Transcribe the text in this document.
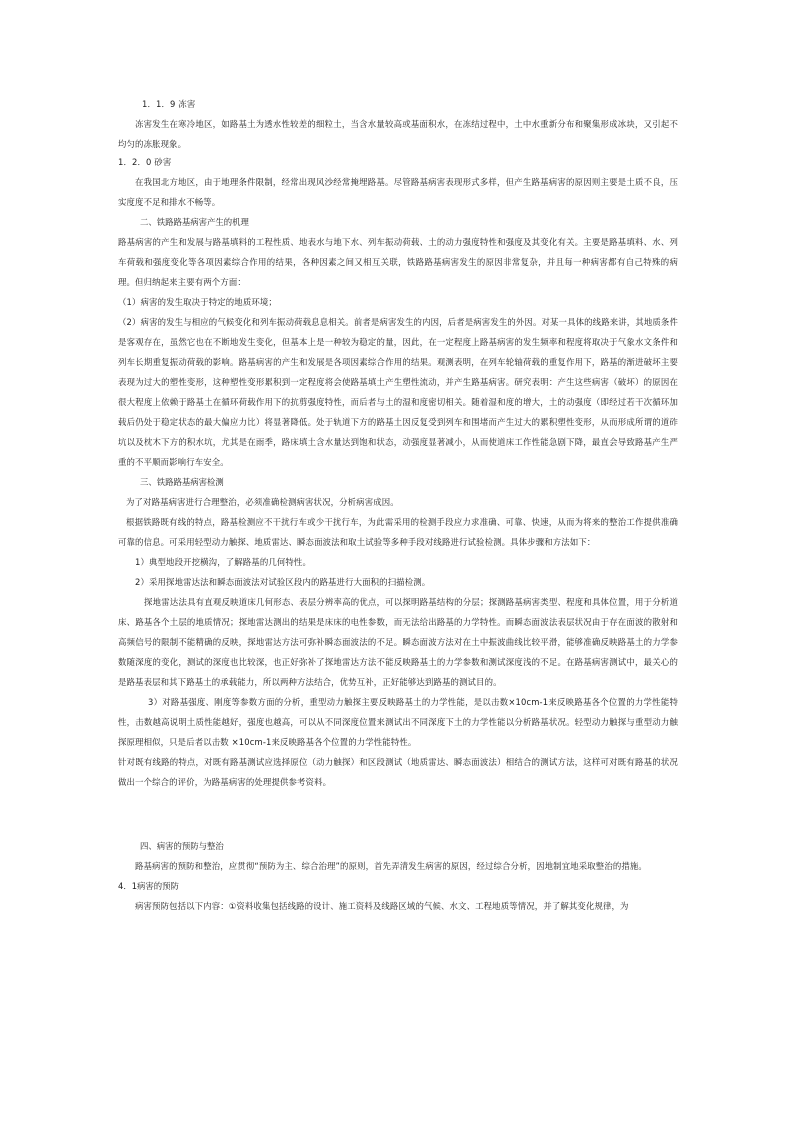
1．1．9 冻害

冻害发生在寒冷地区，如路基土为透水性较差的细粒土，当含水量较高或基面积水，在冻结过程中，土中水重新分布和聚集形成冰块，又引起不均匀的冻胀现象。

1．2．0 砂害

在我国北方地区，由于地理条件限制，经常出现风沙经常掩埋路基。尽管路基病害表现形式多样，但产生路基病害的原因则主要是土质不良，压实度度不足和排水不畅等。

二、铁路路基病害产生的机理

路基病害的产生和发展与路基填料的工程性质、地表水与地下水、列车振动荷载、土的动力强度特性和强度及其变化有关。主要是路基填料、水、列车荷载和强度变化等各项因素综合作用的结果，各种因素之间又相互关联，铁路路基病害发生的原因非常复杂，并且每一种病害都有自己特殊的病理。但归纳起来主要有两个方面：

（1）病害的发生取决于特定的地质环境；

（2）病害的发生与相应的气候变化和列车振动荷载息息相关。前者是病害发生的内因，后者是病害发生的外因。对某一具体的线路来讲，其地质条件是客观存在，虽然它也在不断地发生变化，但基本上是一种较为稳定的量，因此，在一定程度上路基病害的发生频率和程度将取决于气象水文条件和列车长期重复振动荷载的影响。路基病害的产生和发展是各项因素综合作用的结果。观测表明，在列车轮轴荷载的重复作用下，路基的渐进破坏主要表现为过大的塑性变形，这种塑性变形累积到一定程度将会使路基填土产生塑性流动，并产生路基病害。研究表明：产生这些病害（破坏）的原因在很大程度上依赖于路基土在循环荷载作用下的抗剪强度特性，而后者与土的湿和度密切相关。随着湿和度的增大，土的动强度（即经过若干次循环加载后仍处于稳定状态的最大偏应力比）将显著降低。处于轨道下方的路基土因反复受到列车和围堵而产生过大的累积塑性变形，从而形成所谓的道砟坑以及枕木下方的积水坑，尤其是在雨季，路床填土含水量达到饱和状态，动强度显著减小，从而使道床工作性能急剧下降，最直会导致路基产生严重的不平顺而影响行车安全。

三、铁路路基病害检测

为了对路基病害进行合理整治，必须准确检测病害状况，分析病害成因。

根据铁路既有线的特点，路基检测应不干扰行车或少干扰行车，为此需采用的检测手段应力求准确、可靠、快速，从而为将来的整治工作提供准确可靠的信息。可采用轻型动力触探、地质雷达、瞬态面波法和取土试验等多种手段对线路进行试验检测。具体步骤和方法如下：

1）典型地段开挖横沟，了解路基的几何特性。

2）采用探地雷达法和瞬态面波法对试验区段内的路基进行大面积的扫描检测。

探地雷达法具有直观反映道床几何形态、表层分辨率高的优点，可以探明路基结构的分层；探测路基病害类型、程度和具体位置，用于分析道床、路基各个土层的地质情况；探地雷达测出的结果是床床的电性参数，而无法给出路基的力学特性。而瞬态面波法表层状况由于存在面波的散射和高频信号的限制不能精确的反映，探地雷达方法可弥补瞬态面波法的不足。瞬态面波方法对在土中振波曲线比较平滑，能够准确反映路基土的力学参数随深度的变化，测试的深度也比较深，也正好弥补了探地雷达方法不能反映路基土的力学参数和测试深度浅的不足。在路基病害测试中，最关心的是路基表层和其下路基土的承载能力，所以两种方法结合，优势互补，正好能够达到路基的测试目的。

3）对路基强度、刚度等参数方面的分析，重型动力触探主要反映路基土的力学性能，是以击数×10cm-1来反映路基各个位置的力学性能特性，击数越高说明土质性能越好，强度也越高，可以从不同深度位置来测试出不同深度下土的力学性能以分析路基状况。轻型动力触探与重型动力触探原理相似，只是后者以击数 ×10cm-1来反映路基各个位置的力学性能特性。

针对既有线路的特点，对既有路基测试应选择原位（动力触探）和区段测试（地质雷达、瞬态面波法）相结合的测试方法，这样可对既有路基的状况做出一个综合的评价，为路基病害的处理提供参考资料。

四、病害的预防与整治

路基病害的预防和整治，应贯彻“预防为主、综合治理”的原则，首先弄清发生病害的原因，经过综合分析，因地制宜地采取整治的措施。

4．1病害的预防

病害预防包括以下内容：①资料收集包括线路的设计、施工资料及线路区域的气候、水文、工程地质等情况，并了解其变化规律，为
